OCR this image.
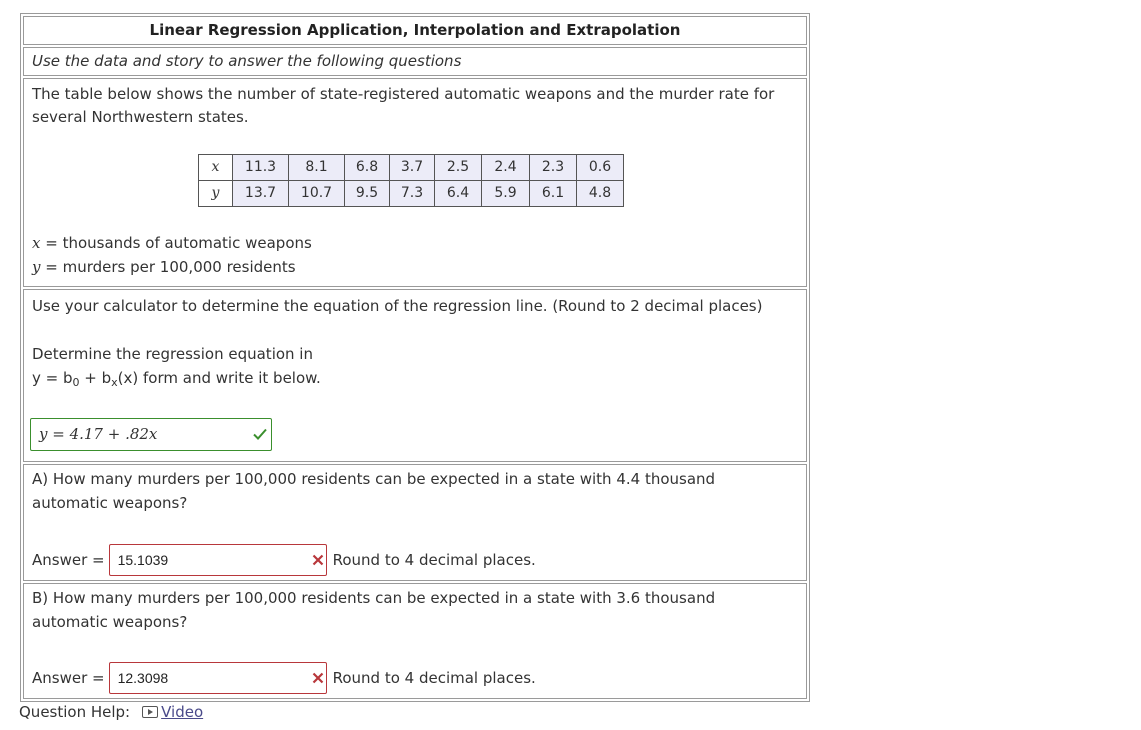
Linear Regression Application, Interpolation and Extrapolation
Use the data and story to answer the following questions
The table below shows the number of state-registered automatic weapons and the murder rate for several Northwestern states.
x	11.3	8.1	6.8	3.7	2.5	2.4	2.3	0.6
y	13.7	10.7	9.5	7.3	6.4	5.9	6.1	4.8
x = thousands of automatic weapons
y = murders per 100,000 residents
Use your calculator to determine the equation of the regression line. (Round to 2 decimal places)
Determine the regression equation in
$y = b_0 + b_x(x)$ form and write it below.
y = 4.17 + .82x
A) How many murders per 100,000 residents can be expected in a state with 4.4 thousand automatic weapons?
Answer = 15.1039	Round to 4 decimal places.
B) How many murders per 100,000 residents can be expected in a state with 3.6 thousand automatic weapons?
Answer = 12.3098	Round to 4 decimal places.
Question Help: Video
